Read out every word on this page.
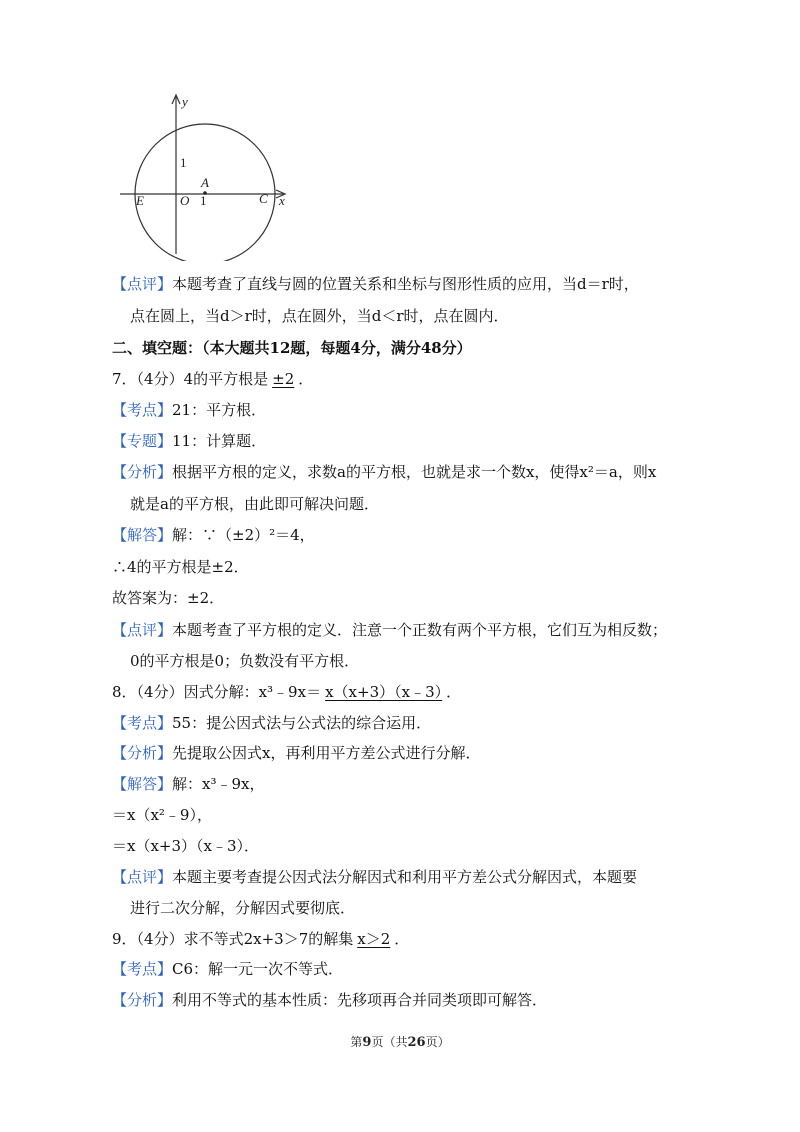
y
1
A
E	O 1	C x
【点评】本题考查了直线与圆的位置关系和坐标与图形性质的应用，当d＝r时，
点在圆上，当d＞r时，点在圆外，当d＜r时，点在圆内．
二、填空题：（本大题共12题，每题4分，满分48分）
7．（4分）4的平方根是 ±2 ．
【考点】21：平方根．
【专题】11：计算题．
【分析】根据平方根的定义，求数a的平方根，也就是求一个数x，使得x²＝a，则x
就是a的平方根，由此即可解决问题．
【解答】解：∵（±2）²＝4，
∴4的平方根是±2．
故答案为：±2．
【点评】本题考查了平方根的定义．注意一个正数有两个平方根，它们互为相反数；
0的平方根是0；负数没有平方根．
8．（4分）因式分解：x³﹣9x＝ x（x+3）（x﹣3） ．
【考点】55：提公因式法与公式法的综合运用．
【分析】先提取公因式x，再利用平方差公式进行分解．
【解答】解：x³﹣9x，
＝x（x²﹣9），
＝x（x+3）（x﹣3）．
【点评】本题主要考查提公因式法分解因式和利用平方差公式分解因式，本题要
进行二次分解，分解因式要彻底．
9．（4分）求不等式2x+3＞7的解集 x＞2 ．
【考点】C6：解一元一次不等式．
【分析】利用不等式的基本性质：先移项再合并同类项即可解答．
第9页（共26页）
